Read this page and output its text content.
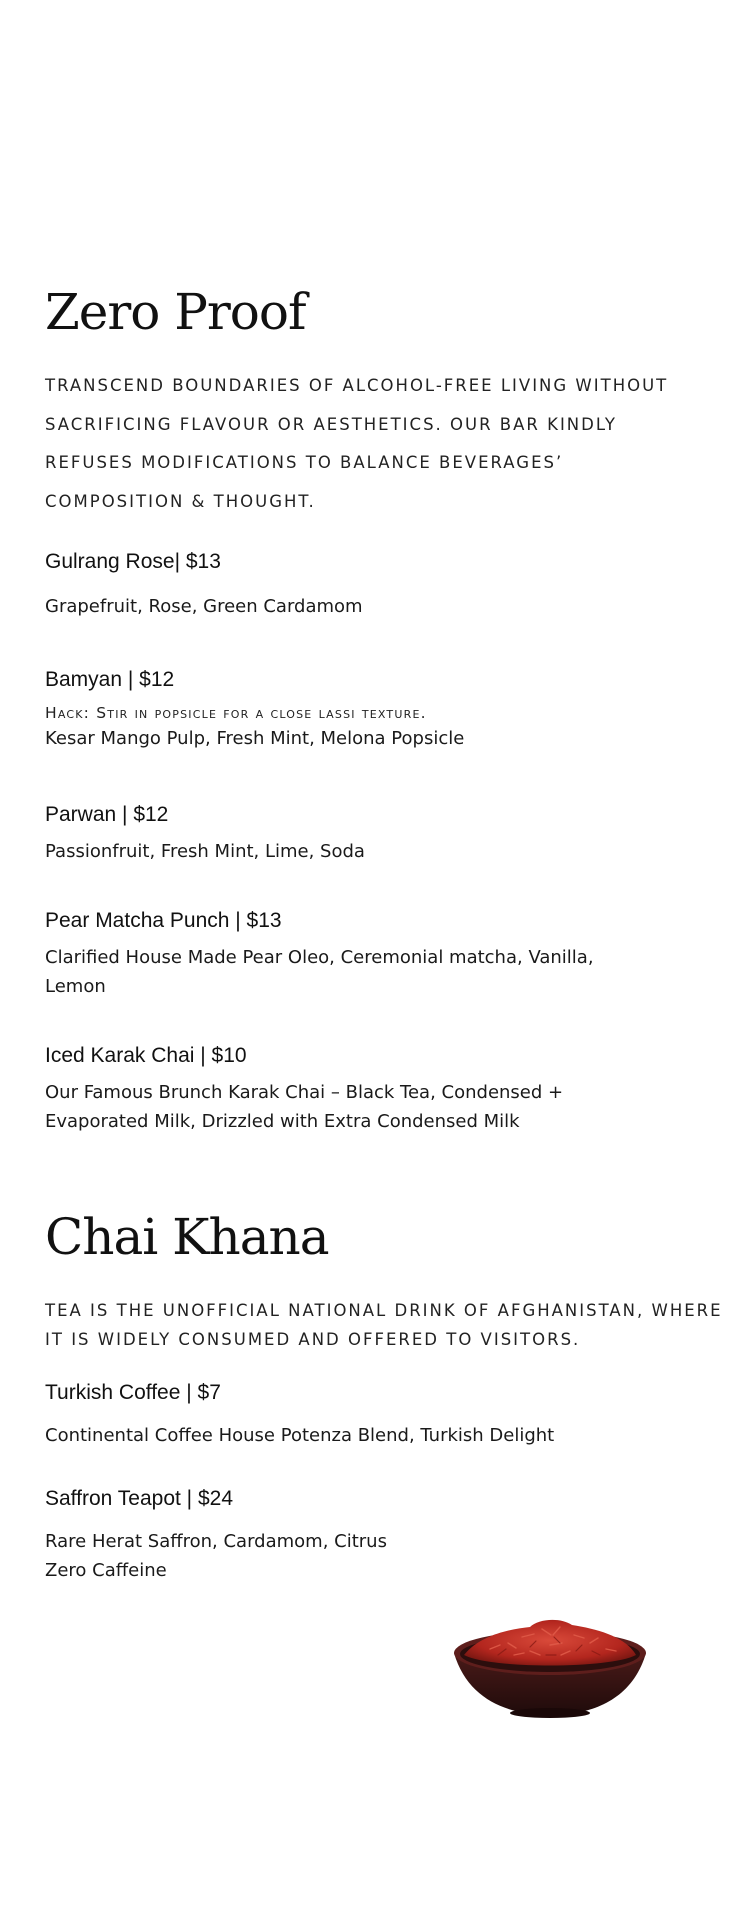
Zero Proof

TRANSCEND BOUNDARIES OF ALCOHOL-FREE LIVING WITHOUT SACRIFICING FLAVOUR OR AESTHETICS. OUR BAR KINDLY REFUSES MODIFICATIONS TO BALANCE BEVERAGES’ COMPOSITION & THOUGHT.

Gulrang Rose| $13

Grapefruit, Rose, Green Cardamom

Bamyan | $12

Hack: Stir in popsicle for a close lassi texture.

Kesar Mango Pulp, Fresh Mint, Melona Popsicle

Parwan | $12

Passionfruit, Fresh Mint, Lime, Soda

Pear Matcha Punch | $13

Clarified House Made Pear Oleo, Ceremonial matcha, Vanilla, Lemon

Iced Karak Chai | $10

Our Famous Brunch Karak Chai – Black Tea, Condensed + Evaporated Milk, Drizzled with Extra Condensed Milk

Chai Khana

TEA IS THE UNOFFICIAL NATIONAL DRINK OF AFGHANISTAN, WHERE IT IS WIDELY CONSUMED AND OFFERED TO VISITORS.

Turkish Coffee | $7

Continental Coffee House Potenza Blend, Turkish Delight

Saffron Teapot | $24

Rare Herat Saffron, Cardamom, Citrus

Zero Caffeine
